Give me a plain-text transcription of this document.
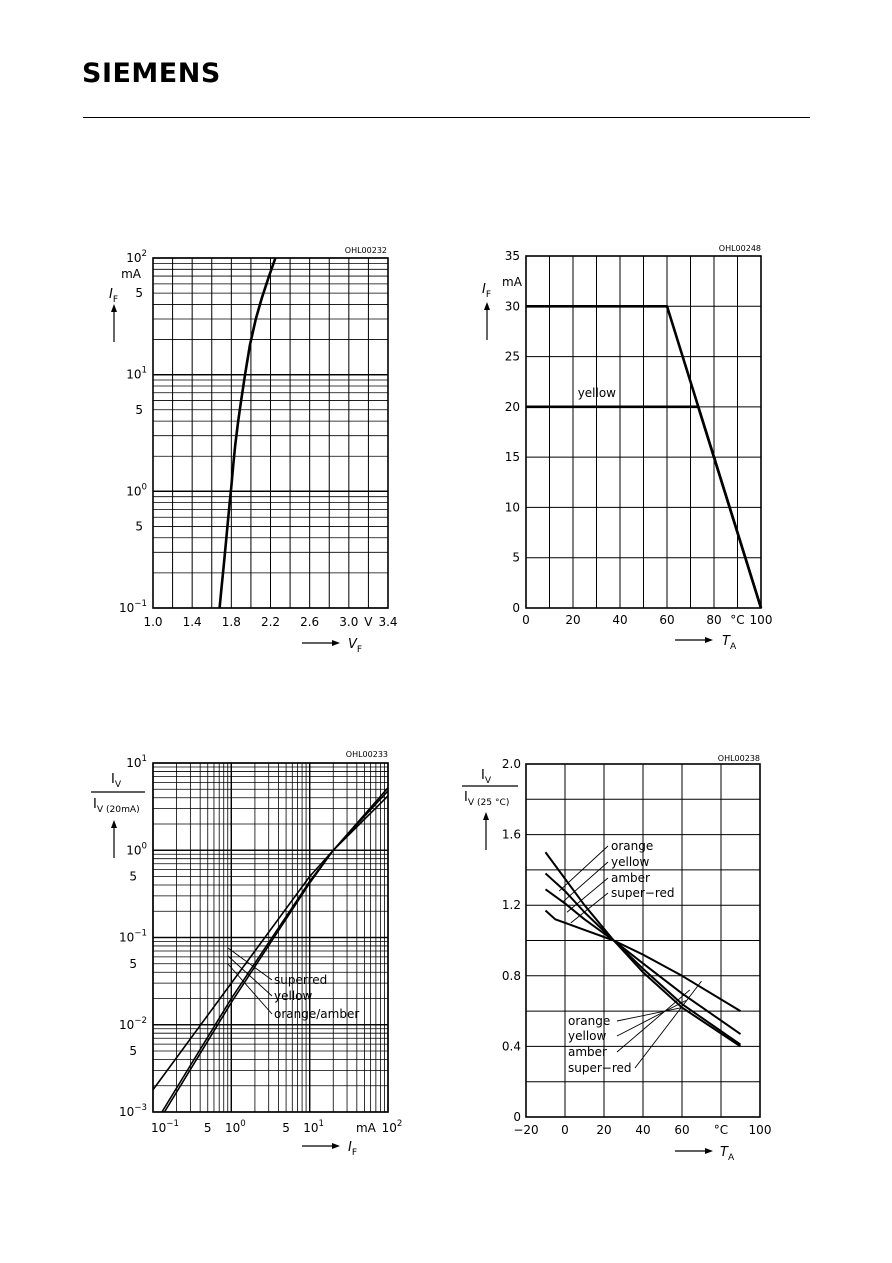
SIEMENS
1.0 1.4 1.8 2.2 2.6 3.0 V 3.4
$10^2$
$10^1$
$10^0$
$10^{-1}$
5
5
5
mA
$I_F$
$V_F$
OHL00232
0	20	40	60	80 °C 100
0
5
10
15
20
25
30
35
mA
$I_F$
$T_A$
OHL00248
yellow
$10^1$
$10^0$
$10^{-1}$
$10^{-2}$
$10^{-3}$
5
5
5
$10^{-1}$ 5 $10^0$	5 $10^1$	mA $10^2$
$I_V$
$I_{V (20mA)}$
$I_F$
OHL00233
superred
yellow
orange/amber
−20 0 20 40 60 °C 100
0
0.4
0.8
1.2
1.6
2.0
$I_V$
$I_{V (25 ^\circ C)}$
$T_A$
OHL00238
orange
yellow
amber
super−red
orange
yellow
amber
super−red
